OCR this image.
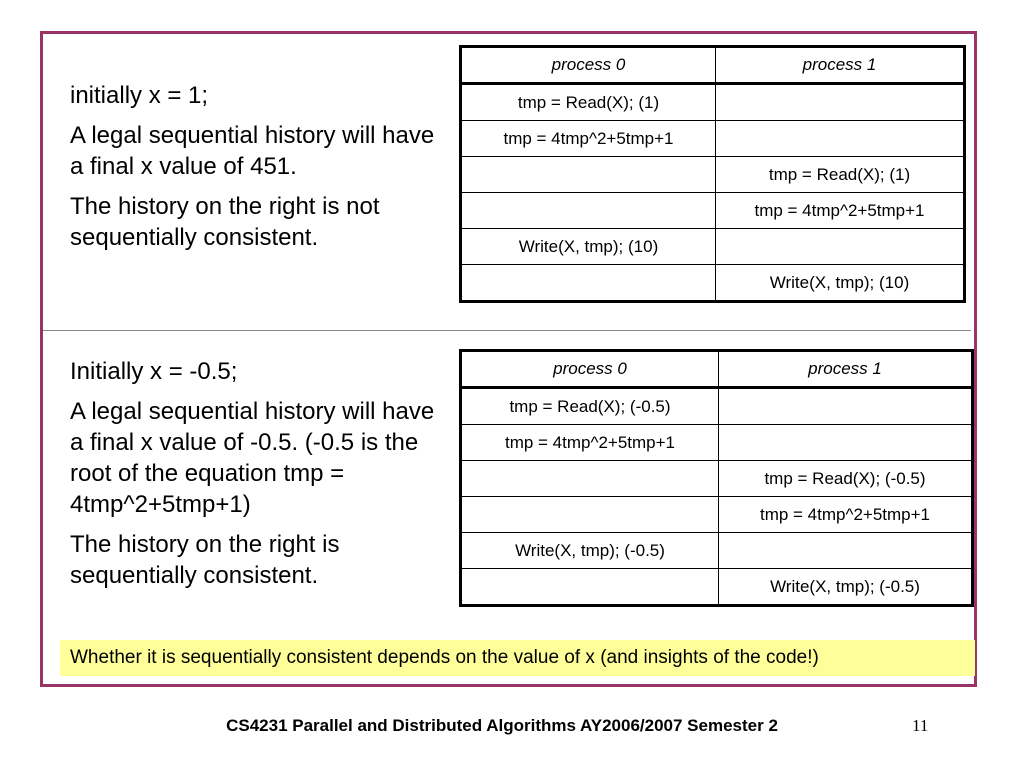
initially x = 1;

A legal sequential history will have a final x value of 451.

The history on the right is not sequentially consistent.

process 0	process 1
tmp = Read(X); (1)	
tmp = 4tmp^2+5tmp+1	
	tmp = Read(X); (1)
	tmp = 4tmp^2+5tmp+1
Write(X, tmp); (10)	
	Write(X, tmp); (10)

Initially x = -0.5;

A legal sequential history will have a final x value of -0.5. (-0.5 is the root of the equation tmp = 4tmp^2+5tmp+1)

The history on the right is sequentially consistent.

process 0	process 1
tmp = Read(X); (-0.5)	
tmp = 4tmp^2+5tmp+1	
	tmp = Read(X); (-0.5)
	tmp = 4tmp^2+5tmp+1
Write(X, tmp); (-0.5)	
	Write(X, tmp); (-0.5)
Whether it is sequentially consistent depends on the value of x (and insights of the code!)
CS4231 Parallel and Distributed Algorithms AY2006/2007 Semester 2	11
